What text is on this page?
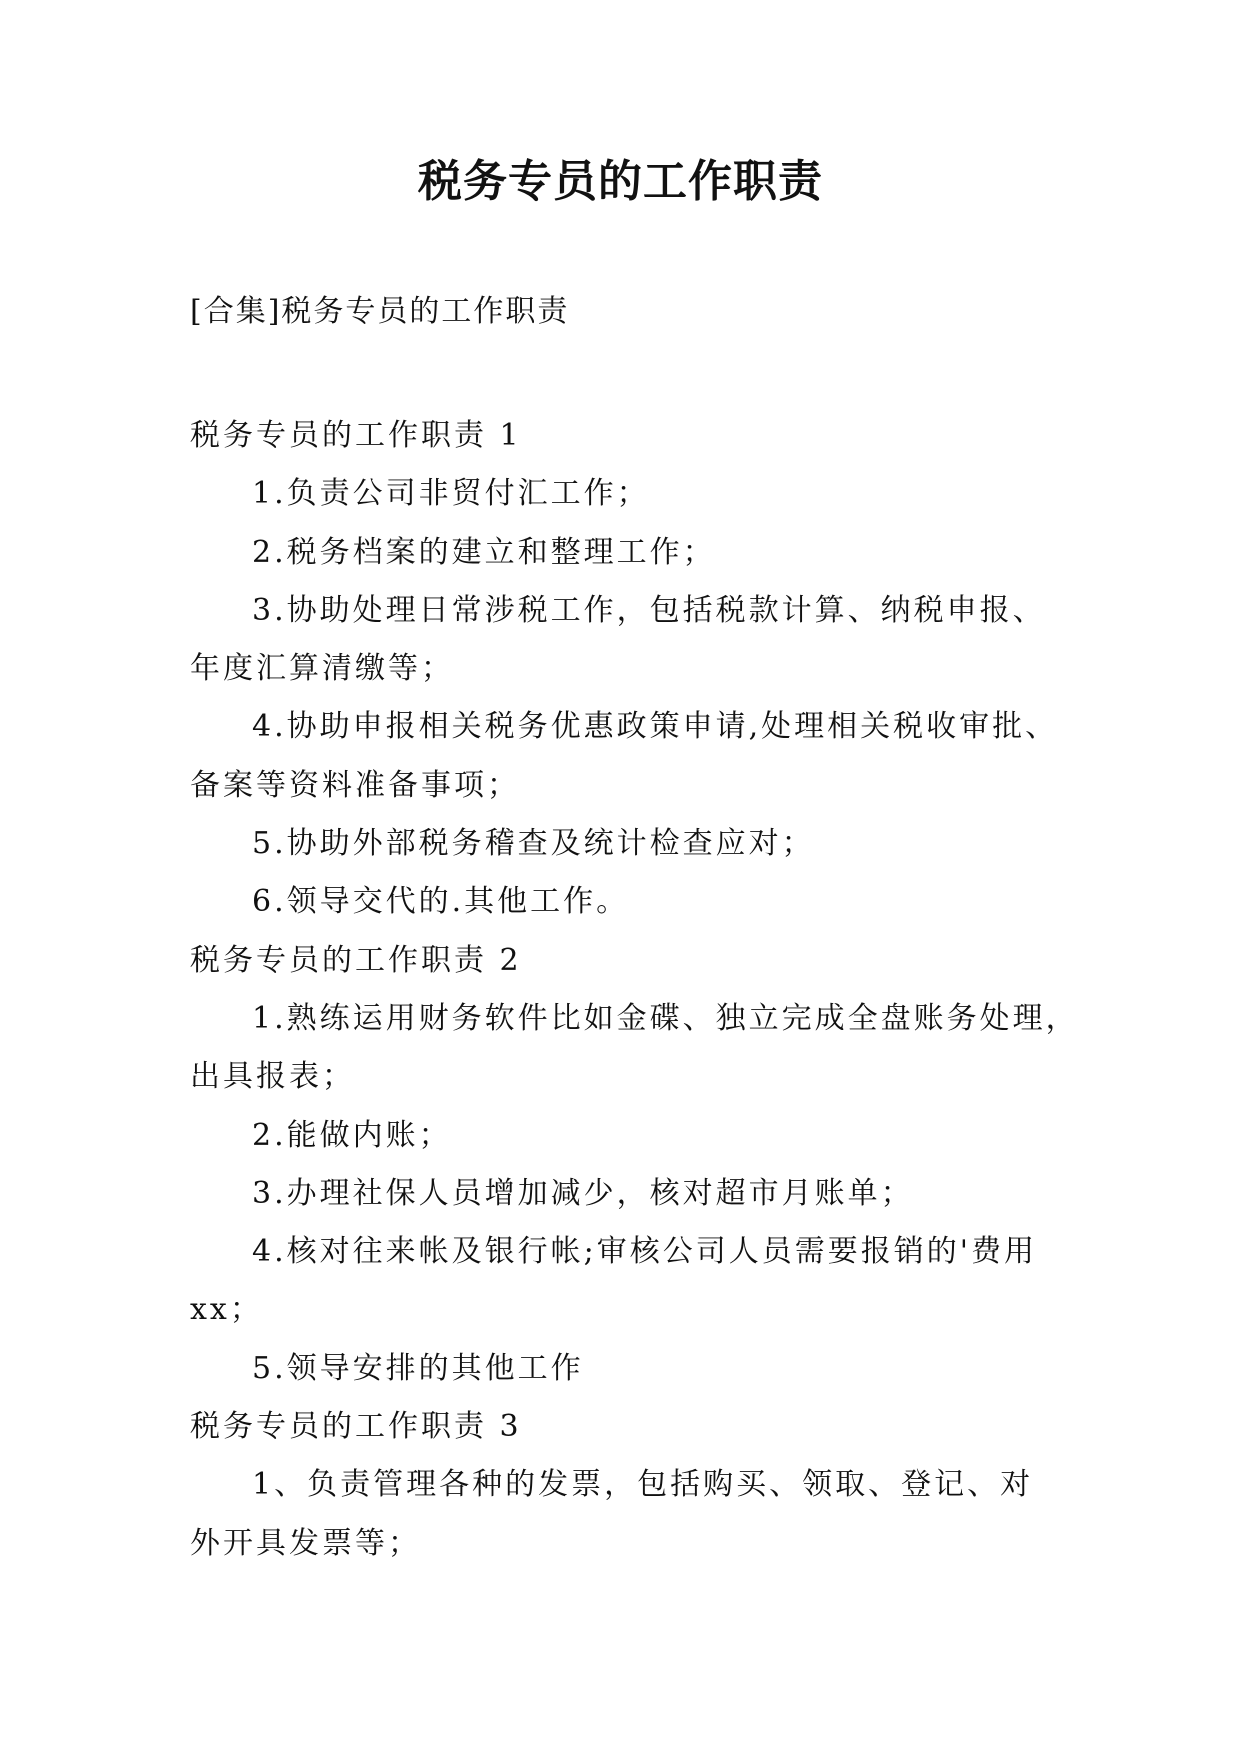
税务专员的工作职责

[合集]税务专员的工作职责

税务专员的工作职责 1
1.负责公司非贸付汇工作；
2.税务档案的建立和整理工作；
3.协助处理日常涉税工作，包括税款计算、纳税申报、
年度汇算清缴等；
4.协助申报相关税务优惠政策申请,处理相关税收审批、
备案等资料准备事项；
5.协助外部税务稽查及统计检查应对；
6.领导交代的.其他工作。
税务专员的工作职责 2
1.熟练运用财务软件比如金碟、独立完成全盘账务处理，
出具报表；
2.能做内账；
3.办理社保人员增加减少，核对超市月账单；
4.核对往来帐及银行帐;审核公司人员需要报销的'费用
xx；
5.领导安排的其他工作
税务专员的工作职责 3
1、负责管理各种的发票，包括购买、领取、登记、对
外开具发票等；
